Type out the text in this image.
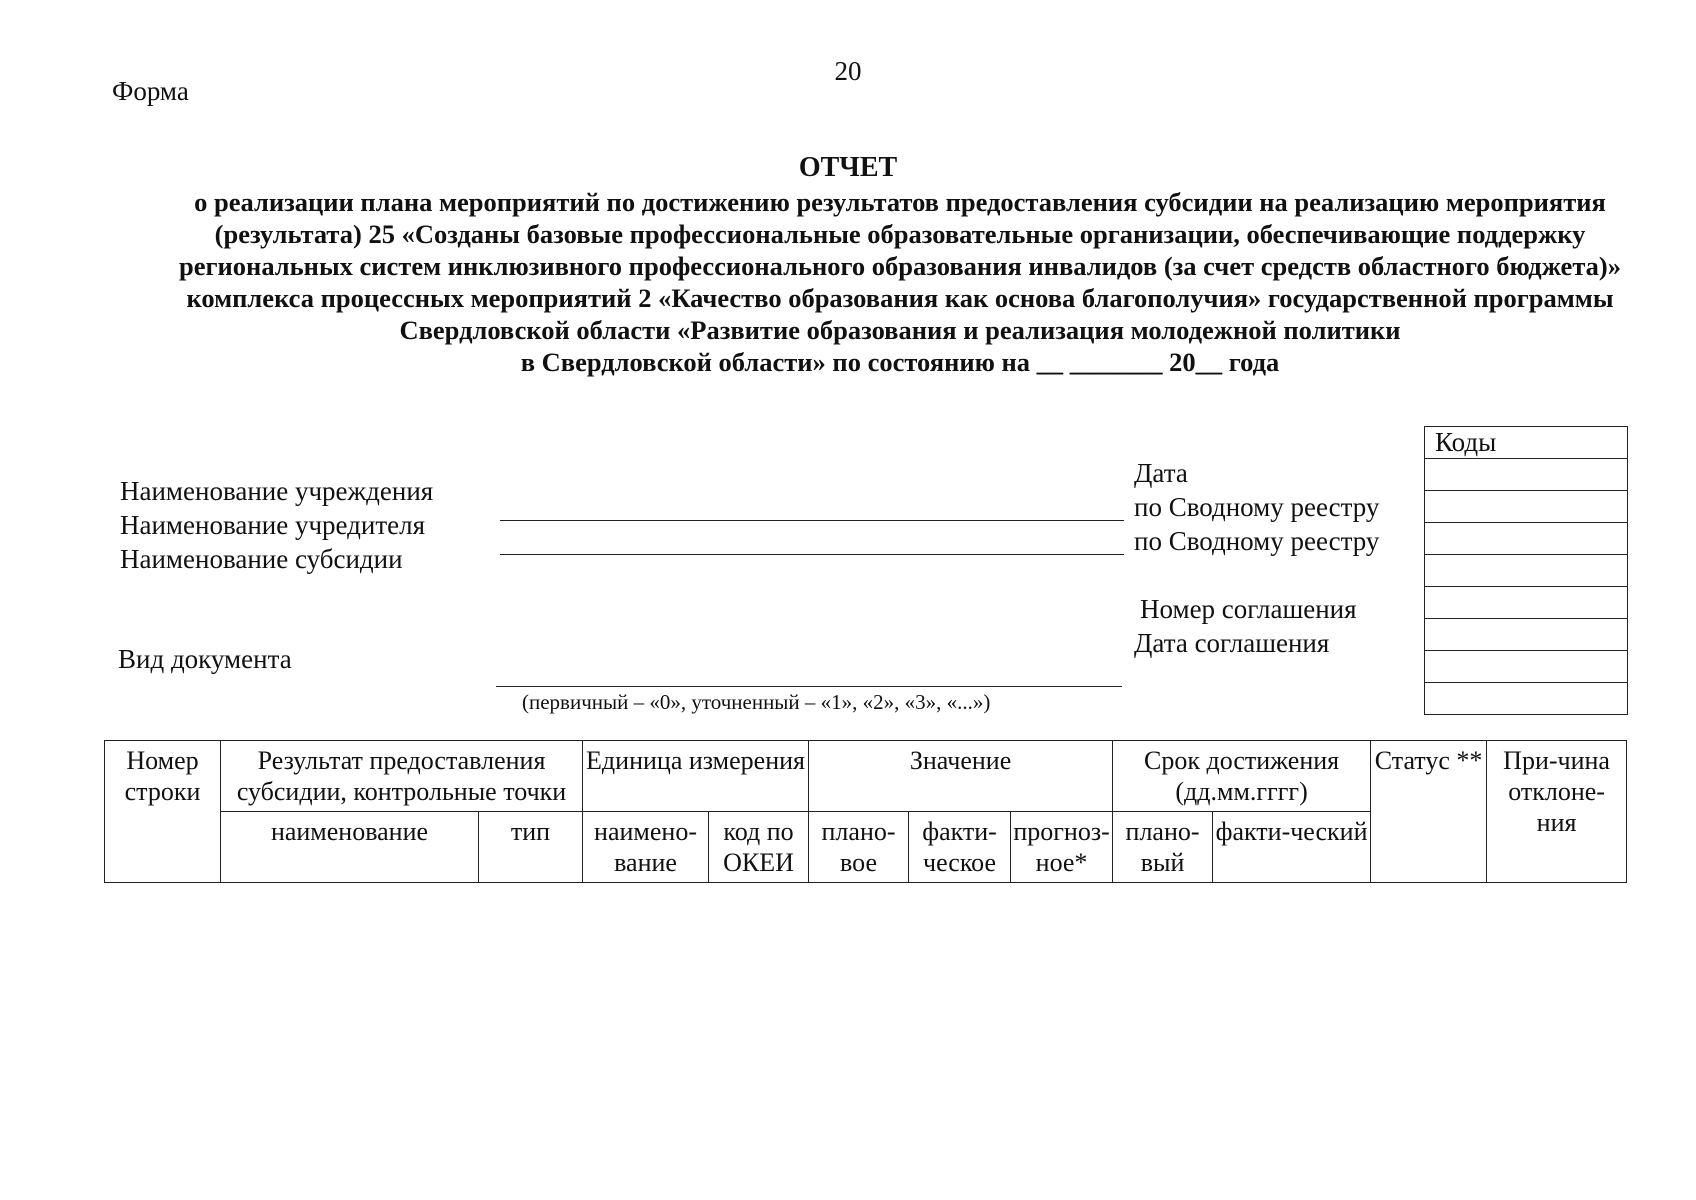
20
Форма
ОТЧЕТ
о реализации плана мероприятий по достижению результатов предоставления субсидии на реализацию мероприятия
(результата) 25 «Созданы базовые профессиональные образовательные организации, обеспечивающие поддержку
региональных систем инклюзивного профессионального образования инвалидов (за счет средств областного бюджета)»
комплекса процессных мероприятий 2 «Качество образования как основа благополучия» государственной программы
Свердловской области «Развитие образования и реализация молодежной политики
в Свердловской области» по состоянию на __ _______ 20__ года
Наименование учреждения
Наименование учредителя
Наименование субсидии
Вид документа
(первичный – «0», уточненный – «1», «2», «3», «...»)
Дата
по Сводному реестру
по Сводному реестру
Номер соглашения
Дата соглашения
Коды

Номер строки	Результат предоставления субсидии, контрольные точки		Единица измерения		Значение			Срок достижения (дд.мм.гггг)		Статус **	При-чина отклоне-ния
	наименование	тип	наимено-вание	код по ОКЕИ	плано-вое	факти-ческое	прогноз-ное*	плано-вый	факти-ческий		
